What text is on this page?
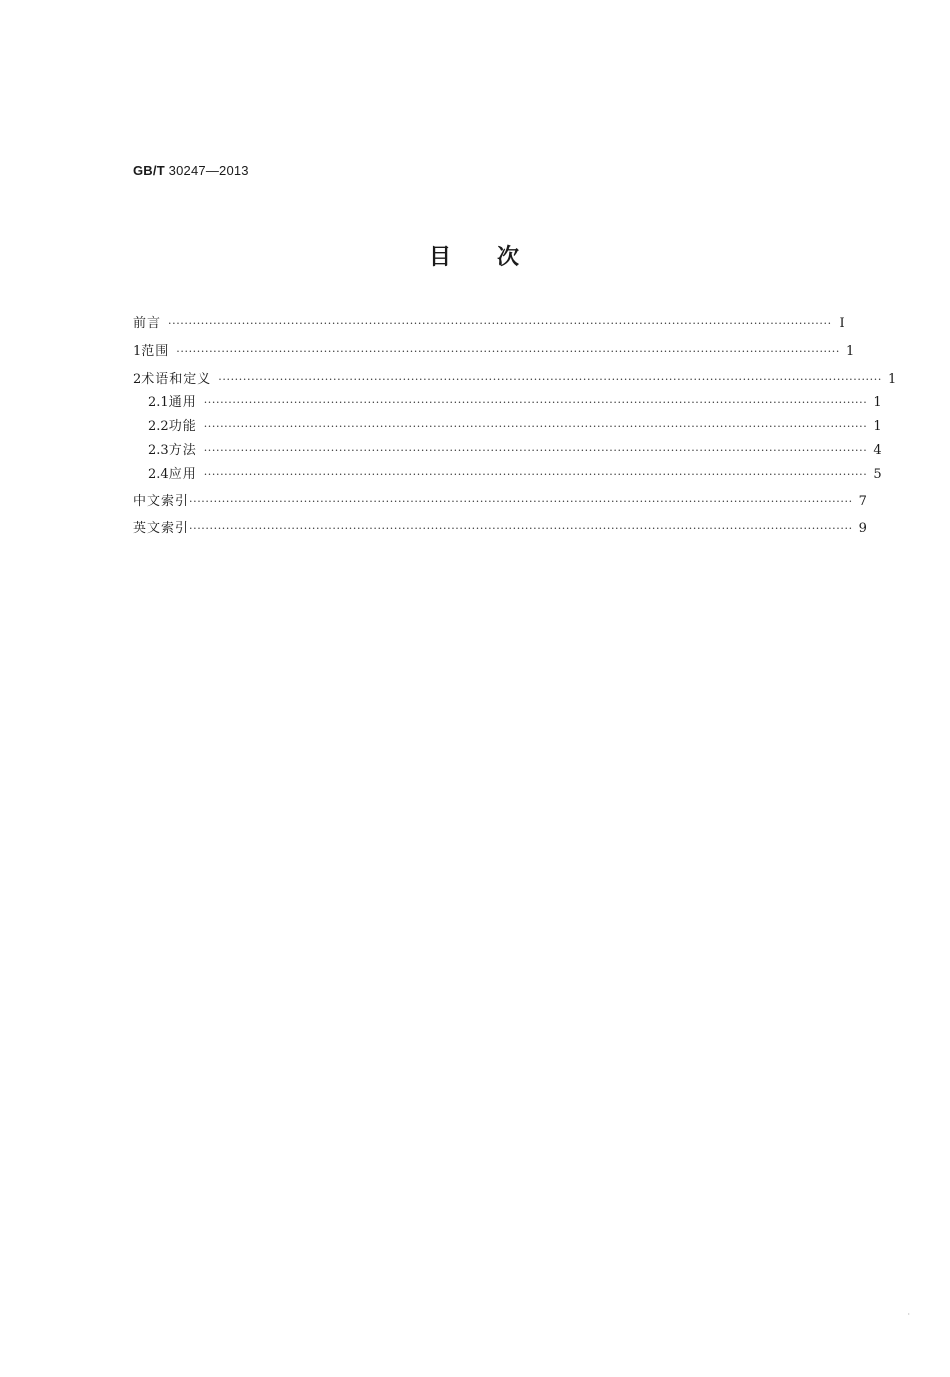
GB/T 30247—2013
目次
前言 ·································································································································································· Ⅰ
1 范围 ·································································································································································· 1
2 术语和定义 ·································································································································································· 1
2.1 通用 ·································································································································································· 1
2.2 功能 ·································································································································································· 1
2.3 方法 ·································································································································································· 4
2.4 应用 ·································································································································································· 5
中文索引 ·································································································································································· 7
英文索引 ·································································································································································· 9
·
